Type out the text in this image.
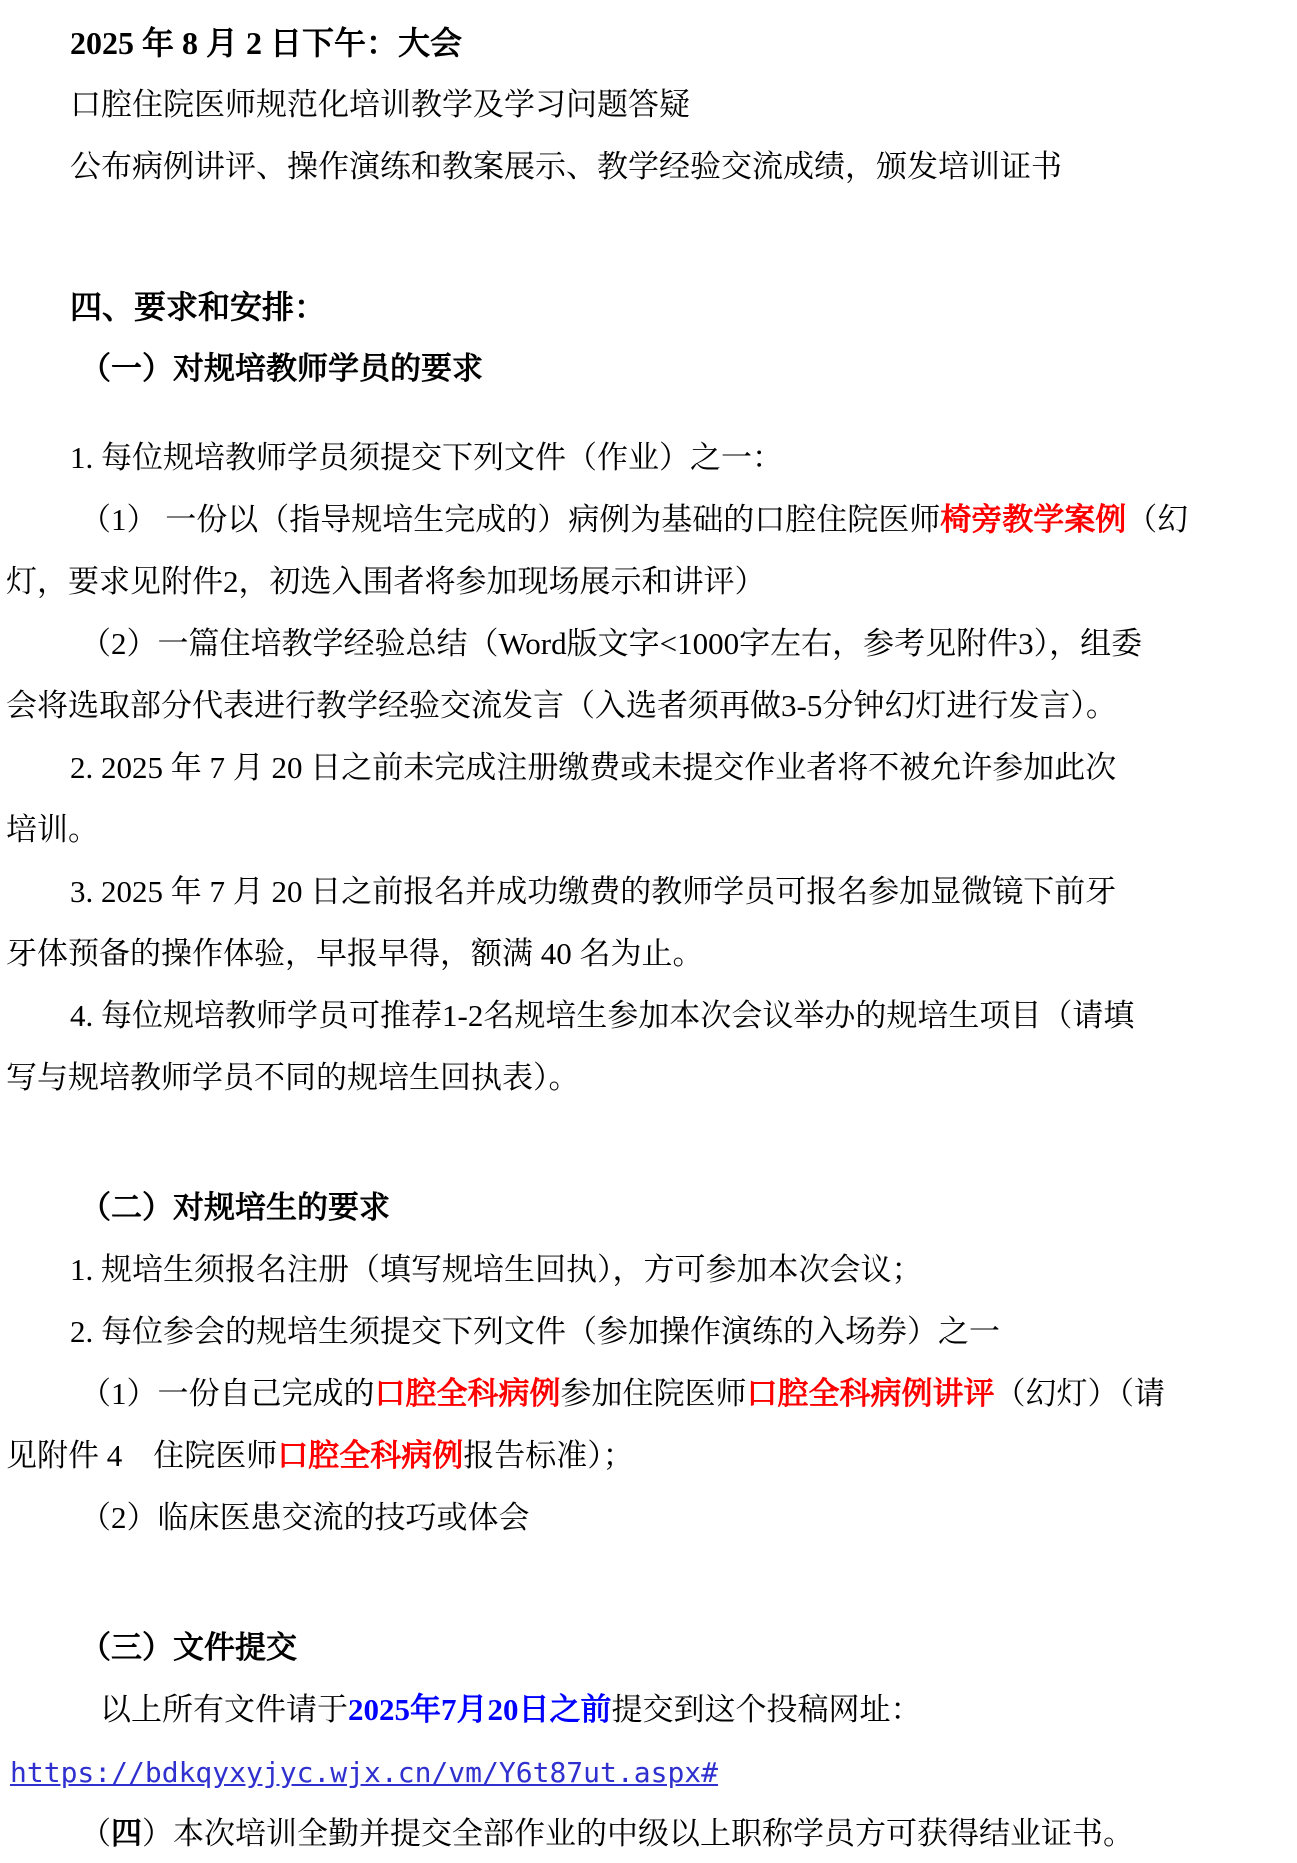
2025 年 8 月 2 日下午：大会
口腔住院医师规范化培训教学及学习问题答疑
公布病例讲评、操作演练和教案展示、教学经验交流成绩，颁发培训证书
四、要求和安排：
（一）对规培教师学员的要求
1. 每位规培教师学员须提交下列文件（作业）之一：
（1） 一份以（指导规培生完成的）病例为基础的口腔住院医师椅旁教学案例（幻
灯，要求见附件2，初选入围者将参加现场展示和讲评）
（2）一篇住培教学经验总结（Word版文字<1000字左右，参考见附件3），组委
会将选取部分代表进行教学经验交流发言（入选者须再做3-5分钟幻灯进行发言）。
2. 2025 年 7 月 20 日之前未完成注册缴费或未提交作业者将不被允许参加此次
培训。
3. 2025 年 7 月 20 日之前报名并成功缴费的教师学员可报名参加显微镜下前牙
牙体预备的操作体验，早报早得，额满 40 名为止。
4. 每位规培教师学员可推荐1-2名规培生参加本次会议举办的规培生项目（请填
写与规培教师学员不同的规培生回执表）。
（二）对规培生的要求
1. 规培生须报名注册（填写规培生回执），方可参加本次会议；
2. 每位参会的规培生须提交下列文件（参加操作演练的入场券）之一
（1）一份自己完成的口腔全科病例参加住院医师口腔全科病例讲评（幻灯）（请
见附件 4　住院医师口腔全科病例报告标准）；
（2）临床医患交流的技巧或体会
（三）文件提交
以上所有文件请于2025年7月20日之前提交到这个投稿网址：
https://bdkqyxyjyc.wjx.cn/vm/Y6t87ut.aspx#
（四）本次培训全勤并提交全部作业的中级以上职称学员方可获得结业证书。
